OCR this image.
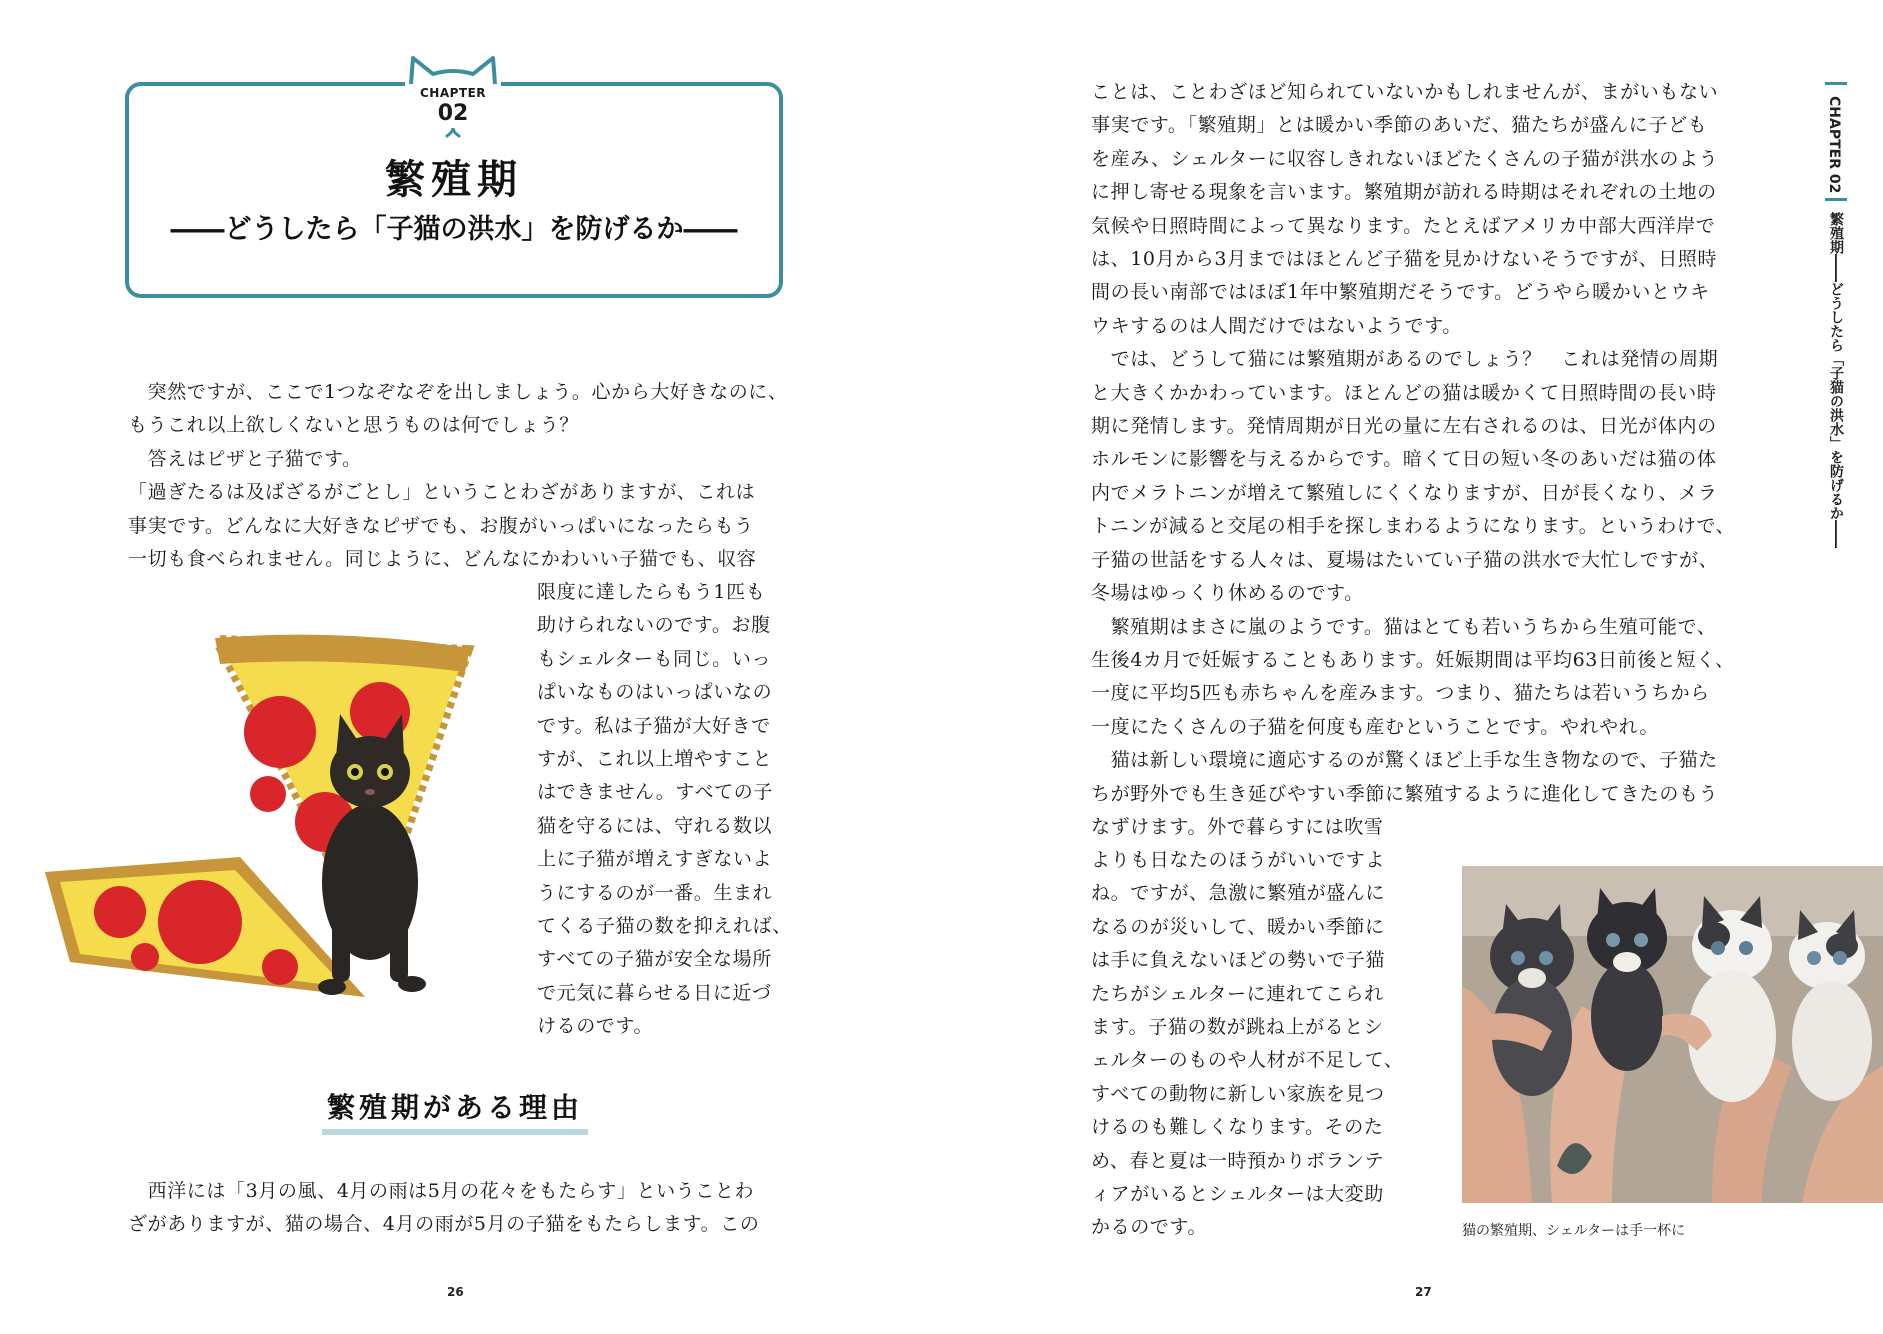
CHAPTER
02
繁殖期
――どうしたら「子猫の洪水」を防げるか――

　突然ですが、ここで1つなぞなぞを出しましょう。心から大好きなのに、
もうこれ以上欲しくないと思うものは何でしょう？
　答えはピザと子猫です。
「過ぎたるは及ばざるがごとし」ということわざがありますが、これは
事実です。どんなに大好きなピザでも、お腹がいっぱいになったらもう
一切も食べられません。同じように、どんなにかわいい子猫でも、収容

限度に達したらもう1匹も
助けられないのです。お腹
もシェルターも同じ。いっ
ぱいなものはいっぱいなの
です。私は子猫が大好きで
すが、これ以上増やすこと
はできません。すべての子
猫を守るには、守れる数以
上に子猫が増えすぎないよ
うにするのが一番。生まれ
てくる子猫の数を抑えれば、
すべての子猫が安全な場所
で元気に暮らせる日に近づ
けるのです。

繁殖期がある理由

　西洋には「3月の風、4月の雨は5月の花々をもたらす」ということわ
ざがありますが、猫の場合、4月の雨が5月の子猫をもたらします。この

26

ことは、ことわざほど知られていないかもしれませんが、まがいもない
事実です。「繁殖期」とは暖かい季節のあいだ、猫たちが盛んに子ども
を産み、シェルターに収容しきれないほどたくさんの子猫が洪水のよう
に押し寄せる現象を言います。繁殖期が訪れる時期はそれぞれの土地の
気候や日照時間によって異なります。たとえばアメリカ中部大西洋岸で
は、10月から3月まではほとんど子猫を見かけないそうですが、日照時
間の長い南部ではほぼ1年中繁殖期だそうです。どうやら暖かいとウキ
ウキするのは人間だけではないようです。
　では、どうして猫には繁殖期があるのでしょう？　これは発情の周期
と大きくかかわっています。ほとんどの猫は暖かくて日照時間の長い時
期に発情します。発情周期が日光の量に左右されるのは、日光が体内の
ホルモンに影響を与えるからです。暗くて日の短い冬のあいだは猫の体
内でメラトニンが増えて繁殖しにくくなりますが、日が長くなり、メラ
トニンが減ると交尾の相手を探しまわるようになります。というわけで、
子猫の世話をする人々は、夏場はたいてい子猫の洪水で大忙しですが、
冬場はゆっくり休めるのです。
　繁殖期はまさに嵐のようです。猫はとても若いうちから生殖可能で、
生後4カ月で妊娠することもあります。妊娠期間は平均63日前後と短く、
一度に平均5匹も赤ちゃんを産みます。つまり、猫たちは若いうちから
一度にたくさんの子猫を何度も産むということです。やれやれ。
　猫は新しい環境に適応するのが驚くほど上手な生き物なので、子猫た
ちが野外でも生き延びやすい季節に繁殖するように進化してきたのもう
なずけます。外で暮らすには吹雪

よりも日なたのほうがいいですよ
ね。ですが、急激に繁殖が盛んに
なるのが災いして、暖かい季節に
は手に負えないほどの勢いで子猫
たちがシェルターに連れてこられ
ます。子猫の数が跳ね上がるとシ
ェルターのものや人材が不足して、
すべての動物に新しい家族を見つ
けるのも難しくなります。そのた
め、春と夏は一時預かりボランテ
ィアがいるとシェルターは大変助
かるのです。	猫の繁殖期、シェルターは手一杯に
27
CHAPTER 02
繁殖期――どうしたら「子猫の洪水」を防げるか――
